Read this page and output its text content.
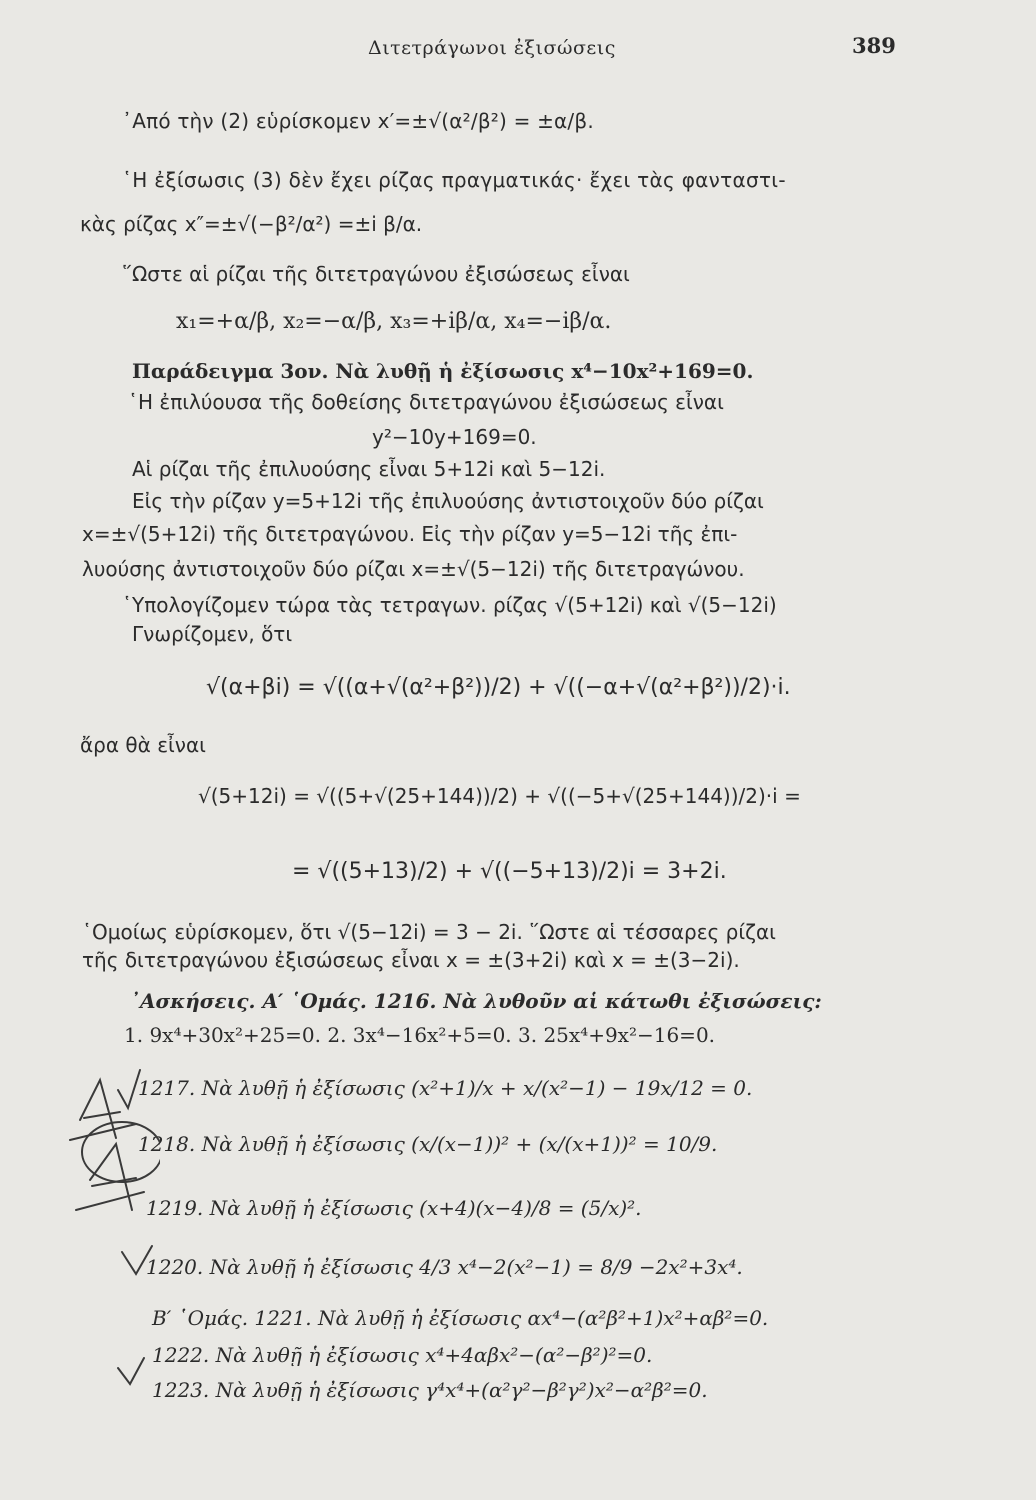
Διτετράγωνοι ἐξισώσεις	389
᾿Από τὴν (2) εὑρίσκομεν x′=±√(α²/β²) = ±α/β.
῾Η ἐξίσωσις (3) δὲν ἔχει ρίζας πραγματικάς· ἔχει τὰς φανταστι-
κὰς ρίζας x″=±√(−β²/α²) =±i β/α.
῞Ωστε αἱ ρίζαι τῆς διτετραγώνου ἐξισώσεως εἶναι
x₁=+α/β, x₂=−α/β, x₃=+iβ/α, x₄=−iβ/α.
Παράδειγμα 3ον. Νὰ λυθῇ ἡ ἐξίσωσις x⁴−10x²+169=0.
῾Η ἐπιλύουσα τῆς δοθείσης διτετραγώνου ἐξισώσεως εἶναι
y²−10y+169=0.
Αἱ ρίζαι τῆς ἐπιλυούσης εἶναι 5+12i καὶ 5−12i.
Εἰς τὴν ρίζαν y=5+12i τῆς ἐπιλυούσης ἀντιστοιχοῦν δύο ρίζαι
x=±√(5+12i) τῆς διτετραγώνου. Εἰς τὴν ρίζαν y=5−12i τῆς ἐπι-
λυούσης ἀντιστοιχοῦν δύο ρίζαι x=±√(5−12i) τῆς διτετραγώνου.
῾Υπολογίζομεν τώρα τὰς τετραγων. ρίζας √(5+12i) καὶ √(5−12i)
Γνωρίζομεν, ὅτι
√(α+βi) = √((α+√(α²+β²))/2) + √((−α+√(α²+β²))/2)·i.
ἄρα θὰ εἶναι
√(5+12i) = √((5+√(25+144))/2) + √((−5+√(25+144))/2)·i =
= √((5+13)/2) + √((−5+13)/2)i = 3+2i.
῾Ομοίως εὑρίσκομεν, ὅτι √(5−12i) = 3 − 2i. ῞Ωστε αἱ τέσσαρες ρίζαι
τῆς διτετραγώνου ἐξισώσεως εἶναι x = ±(3+2i) καὶ x = ±(3−2i).
᾿Ασκήσεις. Α′ ῾Ομάς. 1216. Νὰ λυθοῦν αἱ κάτωθι ἐξισώσεις:
1. 9x⁴+30x²+25=0. 2. 3x⁴−16x²+5=0. 3. 25x⁴+9x²−16=0.
1217. Νὰ λυθῇ ἡ ἐξίσωσις (x²+1)/x + x/(x²−1) − 19x/12 = 0.
1218. Νὰ λυθῇ ἡ ἐξίσωσις (x/(x−1))² + (x/(x+1))² = 10/9.
1219. Νὰ λυθῇ ἡ ἐξίσωσις (x+4)(x−4)/8 = (5/x)².
1220. Νὰ λυθῇ ἡ ἐξίσωσις 4/3 x⁴−2(x²−1) = 8/9 −2x²+3x⁴.
Β′ ῾Ομάς. 1221. Νὰ λυθῇ ἡ ἐξίσωσις αx⁴−(α²β²+1)x²+αβ²=0.
1222. Νὰ λυθῇ ἡ ἐξίσωσις x⁴+4αβx²−(α²−β²)²=0.
1223. Νὰ λυθῇ ἡ ἐξίσωσις γ⁴x⁴+(α²γ²−β²γ²)x²−α²β²=0.
